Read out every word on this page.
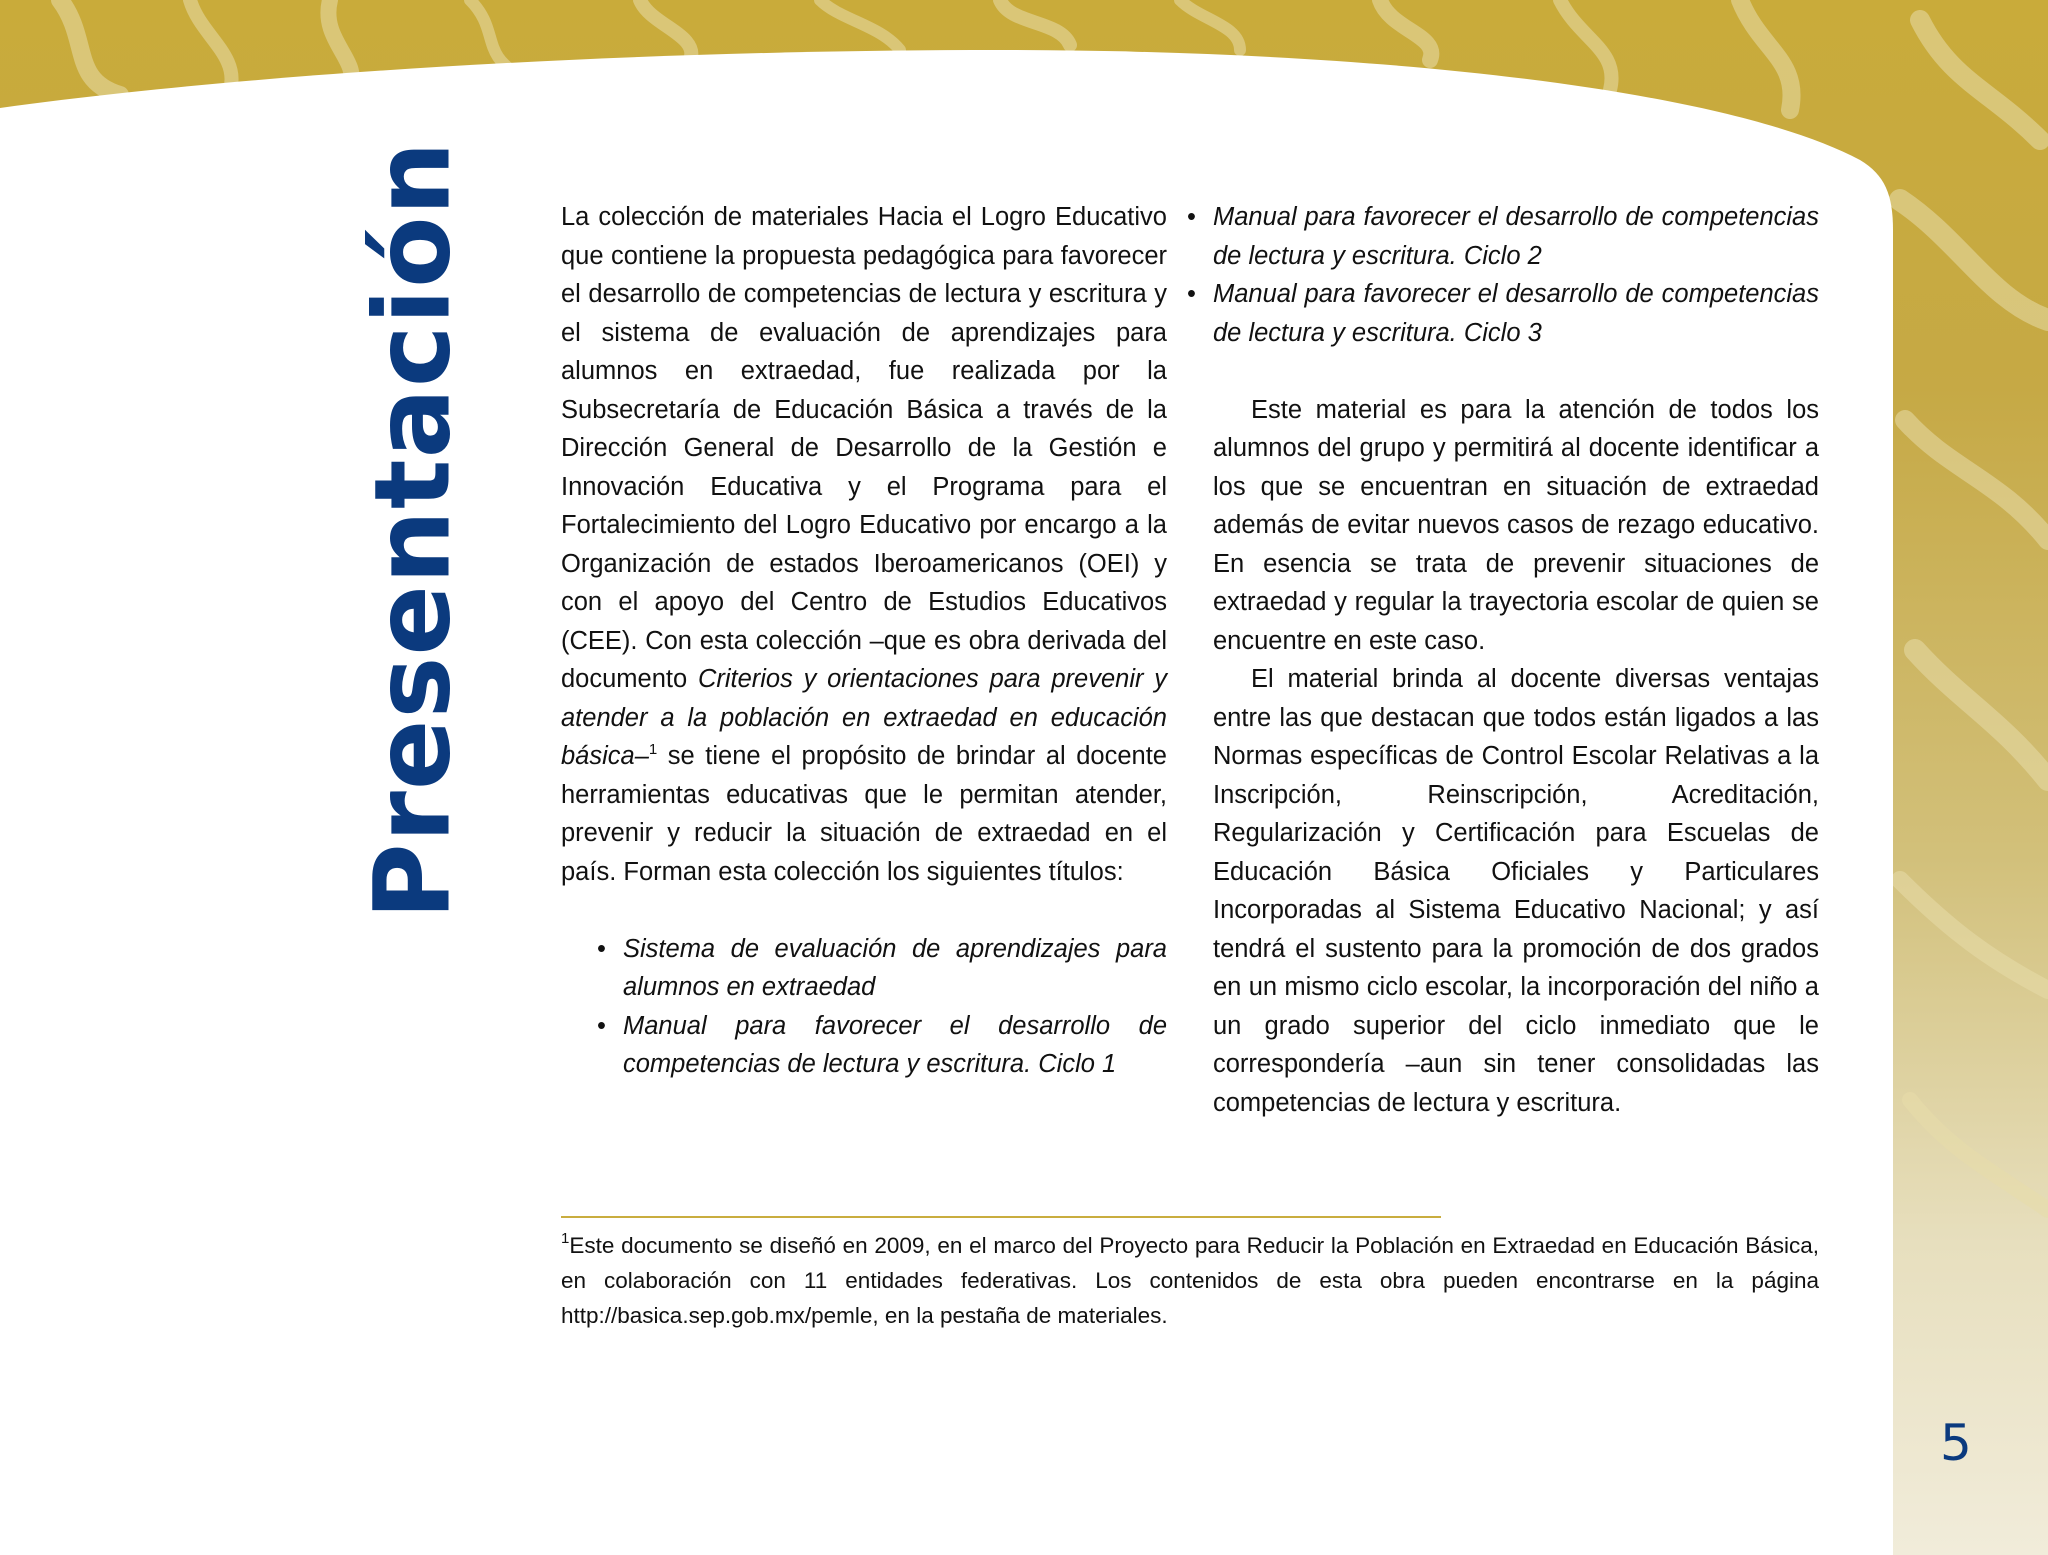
Presentación	La colección de materiales Hacia el Logro Educativo que contiene la propuesta pedagógica para favorecer el desarrollo de competencias de lectura y escritura y el sistema de evaluación de aprendizajes para alumnos en extraedad, fue realizada por la Subsecretaría de Educación Básica a través de la Dirección General de Desarrollo de la Gestión e Innovación Educativa y el Programa para el Fortalecimiento del Logro Educativo por encargo a la Organización de estados Iberoamericanos (OEI) y con el apoyo del Centro de Estudios Educativos (CEE). Con esta colección –que es obra derivada del documento Criterios y orientaciones para prevenir y atender a la población en extraedad en educación básica–$^1$ se tiene el propósito de brindar al docente herramientas educativas que le permitan atender, prevenir y reducir la situación de extraedad en el país. Forman esta colección los siguientes títulos:

• Sistema de evaluación de aprendizajes para alumnos en extraedad
• Manual para favorecer el desarrollo de competencias de lectura y escritura. Ciclo 1
• Manual para favorecer el desarrollo de competencias de lectura y escritura. Ciclo 2
• Manual para favorecer el desarrollo de competencias de lectura y escritura. Ciclo 3

Este material es para la atención de todos los alumnos del grupo y permitirá al docente identificar a los que se encuentran en situación de extraedad además de evitar nuevos casos de rezago educativo. En esencia se trata de prevenir situaciones de extraedad y regular la trayectoria escolar de quien se encuentre en este caso.

El material brinda al docente diversas ventajas entre las que destacan que todos están ligados a las Normas específicas de Control Escolar Relativas a la Inscripción, Reinscripción, Acreditación, Regularización y Certificación para Escuelas de Educación Básica Oficiales y Particulares Incorporadas al Sistema Educativo Nacional; y así tendrá el sustento para la promoción de dos grados en un mismo ciclo escolar, la incorporación del niño a un grado superior del ciclo inmediato que le correspondería –aun sin tener consolidadas las competencias de lectura y escritura.

$^1$Este documento se diseñó en 2009, en el marco del Proyecto para Reducir la Población en Extraedad en Educación Básica, en colaboración con 11 entidades federativas. Los contenidos de esta obra pueden encontrarse en la página http://basica.sep.gob.mx/pemle, en la pestaña de materiales.
5
